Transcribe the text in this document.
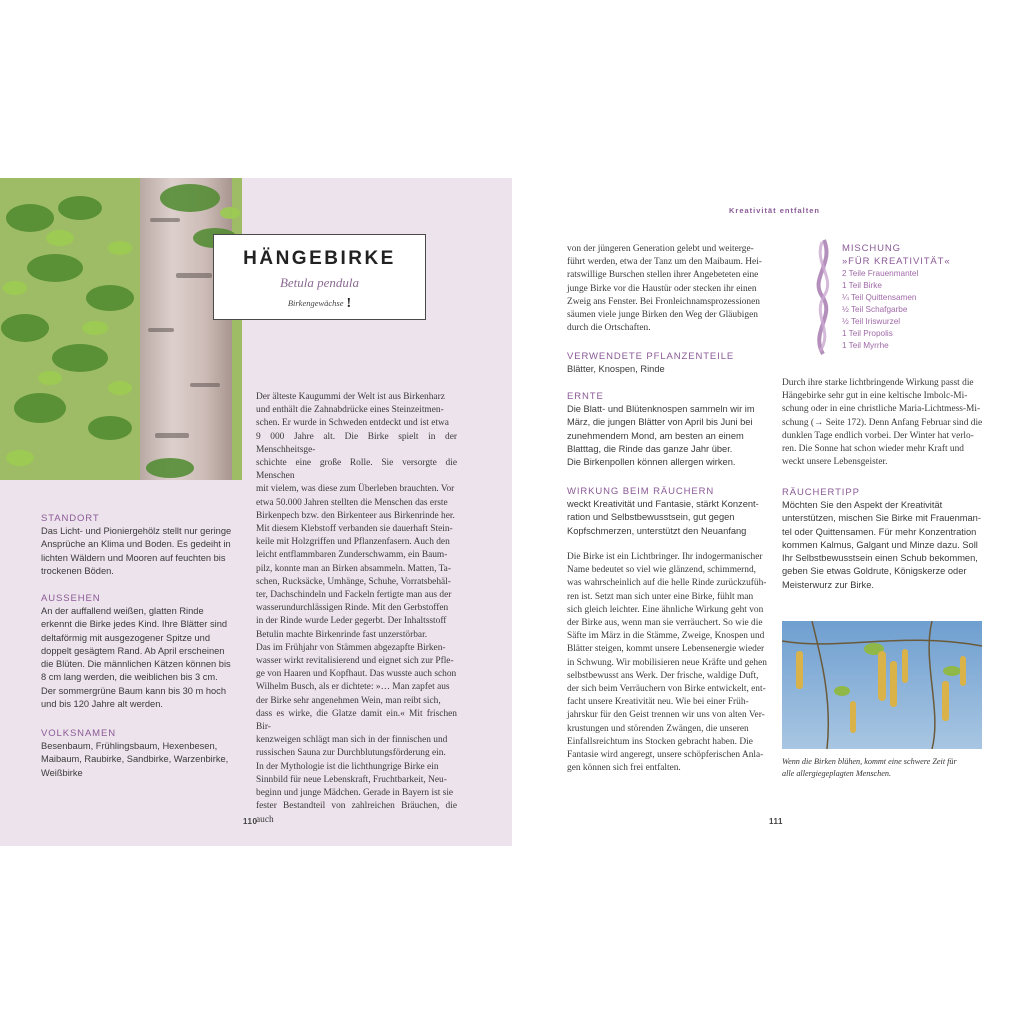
HÄNGEBIRKE
Betula pendula
Birkengewächse !
STANDORT
Das Licht- und Pioniergehölz stellt nur geringe
Ansprüche an Klima und Boden. Es gedeiht in
lichten Wäldern und Mooren auf feuchten bis
trockenen Böden.
AUSSEHEN
An der auffallend weißen, glatten Rinde
erkennt die Birke jedes Kind. Ihre Blätter sind
deltaförmig mit ausgezogener Spitze und
doppelt gesägtem Rand. Ab April erscheinen
die Blüten. Die männlichen Kätzen können bis
8 cm lang werden, die weiblichen bis 3 cm.
Der sommergrüne Baum kann bis 30 m hoch
und bis 120 Jahre alt werden.
VOLKSNAMEN
Besenbaum, Frühlingsbaum, Hexenbesen,
Maibaum, Raubirke, Sandbirke, Warzenbirke,
Weißbirke
Der älteste Kaugummi der Welt ist aus Birkenharz
und enthält die Zahnabdrücke eines Steinzeitmen-
schen. Er wurde in Schweden entdeckt und ist etwa
9 000 Jahre alt. Die Birke spielt in der Menschheitsge-
schichte eine große Rolle. Sie versorgte die Menschen
mit vielem, was diese zum Überleben brauchten. Vor
etwa 50.000 Jahren stellten die Menschen das erste
Birkenpech bzw. den Birkenteer aus Birkenrinde her.
Mit diesem Klebstoff verbanden sie dauerhaft Stein-
keile mit Holzgriffen und Pflanzenfasern. Auch den
leicht entflammbaren Zunderschwamm, ein Baum-
pilz, konnte man an Birken absammeln. Matten, Ta-
schen, Rucksäcke, Umhänge, Schuhe, Vorratsbehäl-
ter, Dachschindeln und Fackeln fertigte man aus der
wasserundurchlässigen Rinde. Mit den Gerbstoffen
in der Rinde wurde Leder gegerbt. Der Inhaltsstoff
Betulin machte Birkenrinde fast unzerstörbar.
Das im Frühjahr von Stämmen abgezapfte Birken-
wasser wirkt revitalisierend und eignet sich zur Pfle-
ge von Haaren und Kopfhaut. Das wusste auch schon
Wilhelm Busch, als er dichtete: »… Man zapfet aus
der Birke sehr angenehmen Wein, man reibt sich,
dass es wirke, die Glatze damit ein.« Mit frischen Bir-
kenzweigen schlägt man sich in der finnischen und
russischen Sauna zur Durchblutungsförderung ein.
In der Mythologie ist die lichthungrige Birke ein
Sinnbild für neue Lebenskraft, Fruchtbarkeit, Neu-
beginn und junge Mädchen. Gerade in Bayern ist sie
fester Bestandteil von zahlreichen Bräuchen, die auch
110
Kreativität entfalten
von der jüngeren Generation gelebt und weiterge-
führt werden, etwa der Tanz um den Maibaum. Hei-
ratswillige Burschen stellen ihrer Angebeteten eine
junge Birke vor die Haustür oder stecken ihr einen
Zweig ans Fenster. Bei Fronleichnamsprozessionen
säumen viele junge Birken den Weg der Gläubigen
durch die Ortschaften.
VERWENDETE PFLANZENTEILE
Blätter, Knospen, Rinde
ERNTE
Die Blatt- und Blütenknospen sammeln wir im
März, die jungen Blätter von April bis Juni bei
zunehmendem Mond, am besten an einem
Blatttag, die Rinde das ganze Jahr über.
Die Birkenpollen können allergen wirken.
WIRKUNG BEIM RÄUCHERN
weckt Kreativität und Fantasie, stärkt Konzent-
ration und Selbstbewusstsein, gut gegen
Kopfschmerzen, unterstützt den Neuanfang
Die Birke ist ein Lichtbringer. Ihr indogermanischer
Name bedeutet so viel wie glänzend, schimmernd,
was wahrscheinlich auf die helle Rinde zurückzufüh-
ren ist. Setzt man sich unter eine Birke, fühlt man
sich gleich leichter. Eine ähnliche Wirkung geht von
der Birke aus, wenn man sie verräuchert. So wie die
Säfte im März in die Stämme, Zweige, Knospen und
Blätter steigen, kommt unsere Lebensenergie wieder
in Schwung. Wir mobilisieren neue Kräfte und gehen
selbstbewusst ans Werk. Der frische, waldige Duft,
der sich beim Verräuchern von Birke entwickelt, ent-
facht unsere Kreativität neu. Wie bei einer Früh-
jahrskur für den Geist trennen wir uns von alten Ver-
krustungen und störenden Zwängen, die unseren
Einfallsreichtum ins Stocken gebracht haben. Die
Fantasie wird angeregt, unsere schöpferischen Anla-
gen können sich frei entfalten.
MISCHUNG
»FÜR KREATIVITÄT«
2 Teile Frauenmantel
1 Teil Birke
¼ Teil Quittensamen
½ Teil Schafgarbe
½ Teil Iriswurzel
1 Teil Propolis
1 Teil Myrrhe
Durch ihre starke lichtbringende Wirkung passt die
Hängebirke sehr gut in eine keltische Imbolc-Mi-
schung oder in eine christliche Maria-Lichtmess-Mi-
schung (→ Seite 172). Denn Anfang Februar sind die
dunklen Tage endlich vorbei. Der Winter hat verlo-
ren. Die Sonne hat schon wieder mehr Kraft und
weckt unsere Lebensgeister.
RÄUCHERTIPP
Möchten Sie den Aspekt der Kreativität
unterstützen, mischen Sie Birke mit Frauenman-
tel oder Quittensamen. Für mehr Konzentration
kommen Kalmus, Galgant und Minze dazu. Soll
Ihr Selbstbewusstsein einen Schub bekommen,
geben Sie etwas Goldrute, Königskerze oder
Meisterwurz zur Birke.
Wenn die Birken blühen, kommt eine schwere Zeit für
alle allergiegeplagten Menschen.
111
